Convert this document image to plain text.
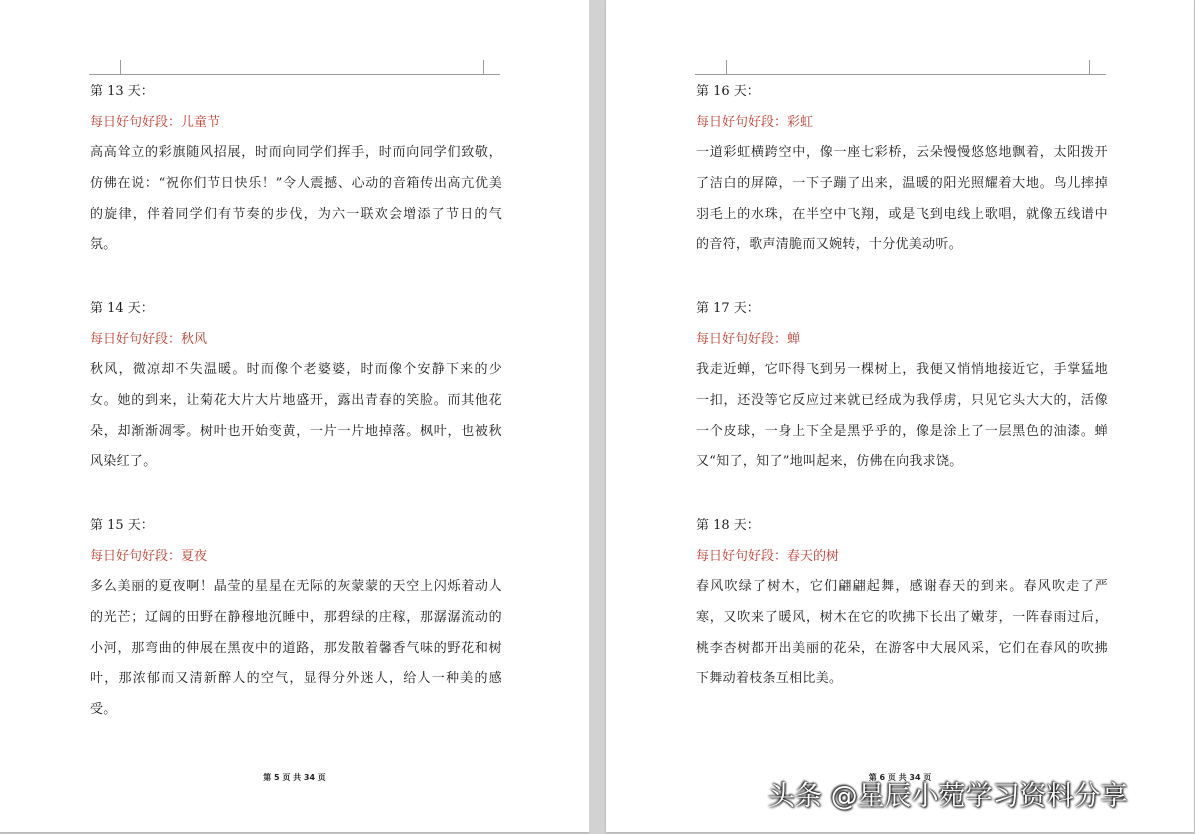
第 13 天：
每日好句好段：儿童节

高高耸立的彩旗随风招展，时而向同学们挥手，时而向同学们致敬，仿佛在说：“祝你们节日快乐！”令人震撼、心动的音箱传出高亢优美的旋律，伴着同学们有节奏的步伐，为六一联欢会增添了节日的气氛。

第 14 天：
每日好句好段：秋风

秋风，微凉却不失温暖。时而像个老婆婆，时而像个安静下来的少女。她的到来，让菊花大片大片地盛开，露出青春的笑脸。而其他花朵，却渐渐凋零。树叶也开始变黄，一片一片地掉落。枫叶，也被秋风染红了。

第 15 天：
每日好句好段：夏夜

多么美丽的夏夜啊！晶莹的星星在无际的灰蒙蒙的天空上闪烁着动人的光芒；辽阔的田野在静穆地沉睡中，那碧绿的庄稼，那潺潺流动的小河，那弯曲的伸展在黑夜中的道路，那发散着馨香气味的野花和树叶，那浓郁而又清新醉人的空气，显得分外迷人，给人一种美的感受。

第 5 页 共 34 页
第 16 天：
每日好句好段：彩虹

一道彩虹横跨空中，像一座七彩桥，云朵慢慢悠悠地飘着，太阳拨开了洁白的屏障，一下子蹦了出来，温暖的阳光照耀着大地。鸟儿摔掉羽毛上的水珠，在半空中飞翔，或是飞到电线上歌唱，就像五线谱中的音符，歌声清脆而又婉转，十分优美动听。

第 17 天：
每日好句好段：蝉

我走近蝉，它吓得飞到另一棵树上，我便又悄悄地接近它，手掌猛地一扣，还没等它反应过来就已经成为我俘虏，只见它头大大的，活像一个皮球，一身上下全是黑乎乎的，像是涂上了一层黑色的油漆。蝉又“知了，知了”地叫起来，仿佛在向我求饶。

第 18 天：
每日好句好段：春天的树

春风吹绿了树木，它们翩翩起舞，感谢春天的到来。春风吹走了严寒，又吹来了暖风，树木在它的吹拂下长出了嫩芽，一阵春雨过后，桃李杏树都开出美丽的花朵，在游客中大展风采，它们在春风的吹拂下舞动着枝条互相比美。

第 6 页 共 34 页
头条 @星辰小菀学习资料分享
